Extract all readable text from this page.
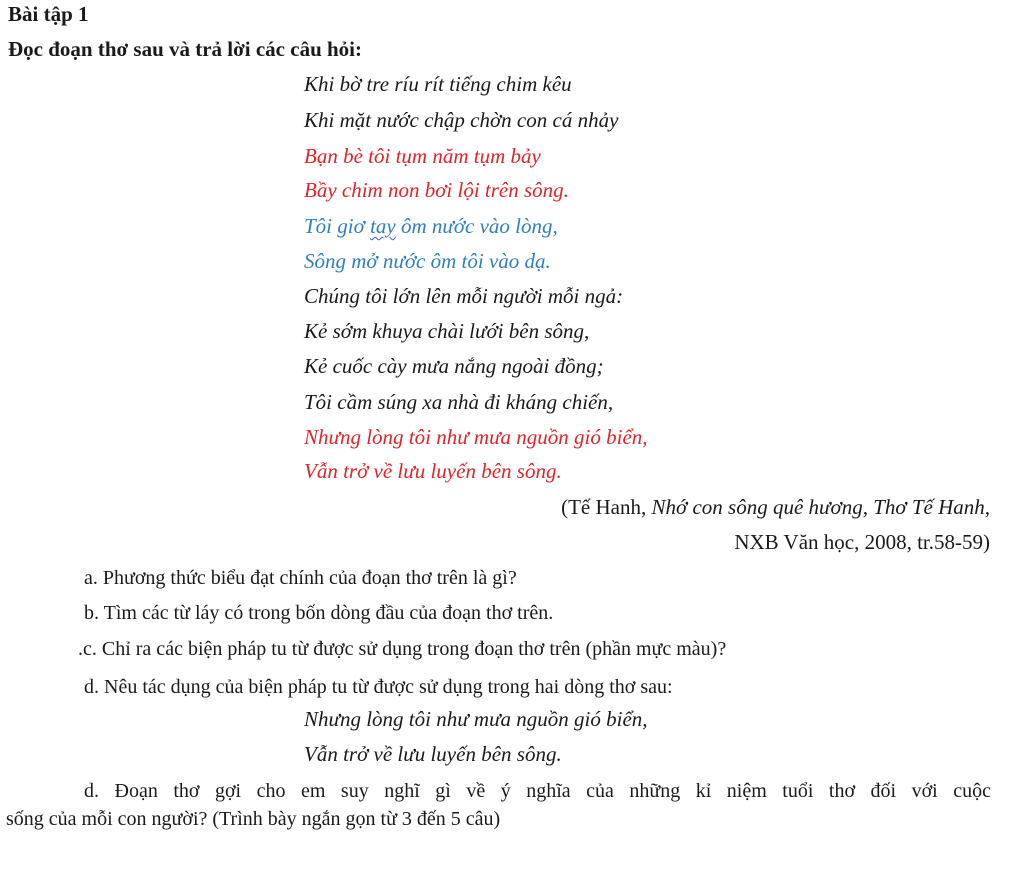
Bài tập 1
Đọc đoạn thơ sau và trả lời các câu hỏi:
Khi bờ tre ríu rít tiếng chim kêu
Khi mặt nước chập chờn con cá nhảy
Bạn bè tôi tụm năm tụm bảy
Bầy chim non bơi lội trên sông.
Tôi giơ tay ôm nước vào lòng,
Sông mở nước ôm tôi vào dạ.
Chúng tôi lớn lên mỗi người mỗi ngả:
Kẻ sớm khuya chài lưới bên sông,
Kẻ cuốc cày mưa nắng ngoài đồng;
Tôi cầm súng xa nhà đi kháng chiến,
Nhưng lòng tôi như mưa nguồn gió biển,
Vẫn trở về lưu luyến bên sông.
(Tế Hanh, Nhớ con sông quê hương, Thơ Tế Hanh,
NXB Văn học, 2008, tr.58-59)
a. Phương thức biểu đạt chính của đoạn thơ trên là gì?
b. Tìm các từ láy có trong bốn dòng đầu của đoạn thơ trên.
.c. Chỉ ra các biện pháp tu từ được sử dụng trong đoạn thơ trên (phần mực màu)?
d. Nêu tác dụng của biện pháp tu từ được sử dụng trong hai dòng thơ sau:
Nhưng lòng tôi như mưa nguồn gió biển,
Vẫn trở về lưu luyến bên sông.
d. Đoạn thơ gợi cho em suy nghĩ gì về ý nghĩa của những kỉ niệm tuổi thơ đối với cuộc
sống của mỗi con người? (Trình bày ngắn gọn từ 3 đến 5 câu)
